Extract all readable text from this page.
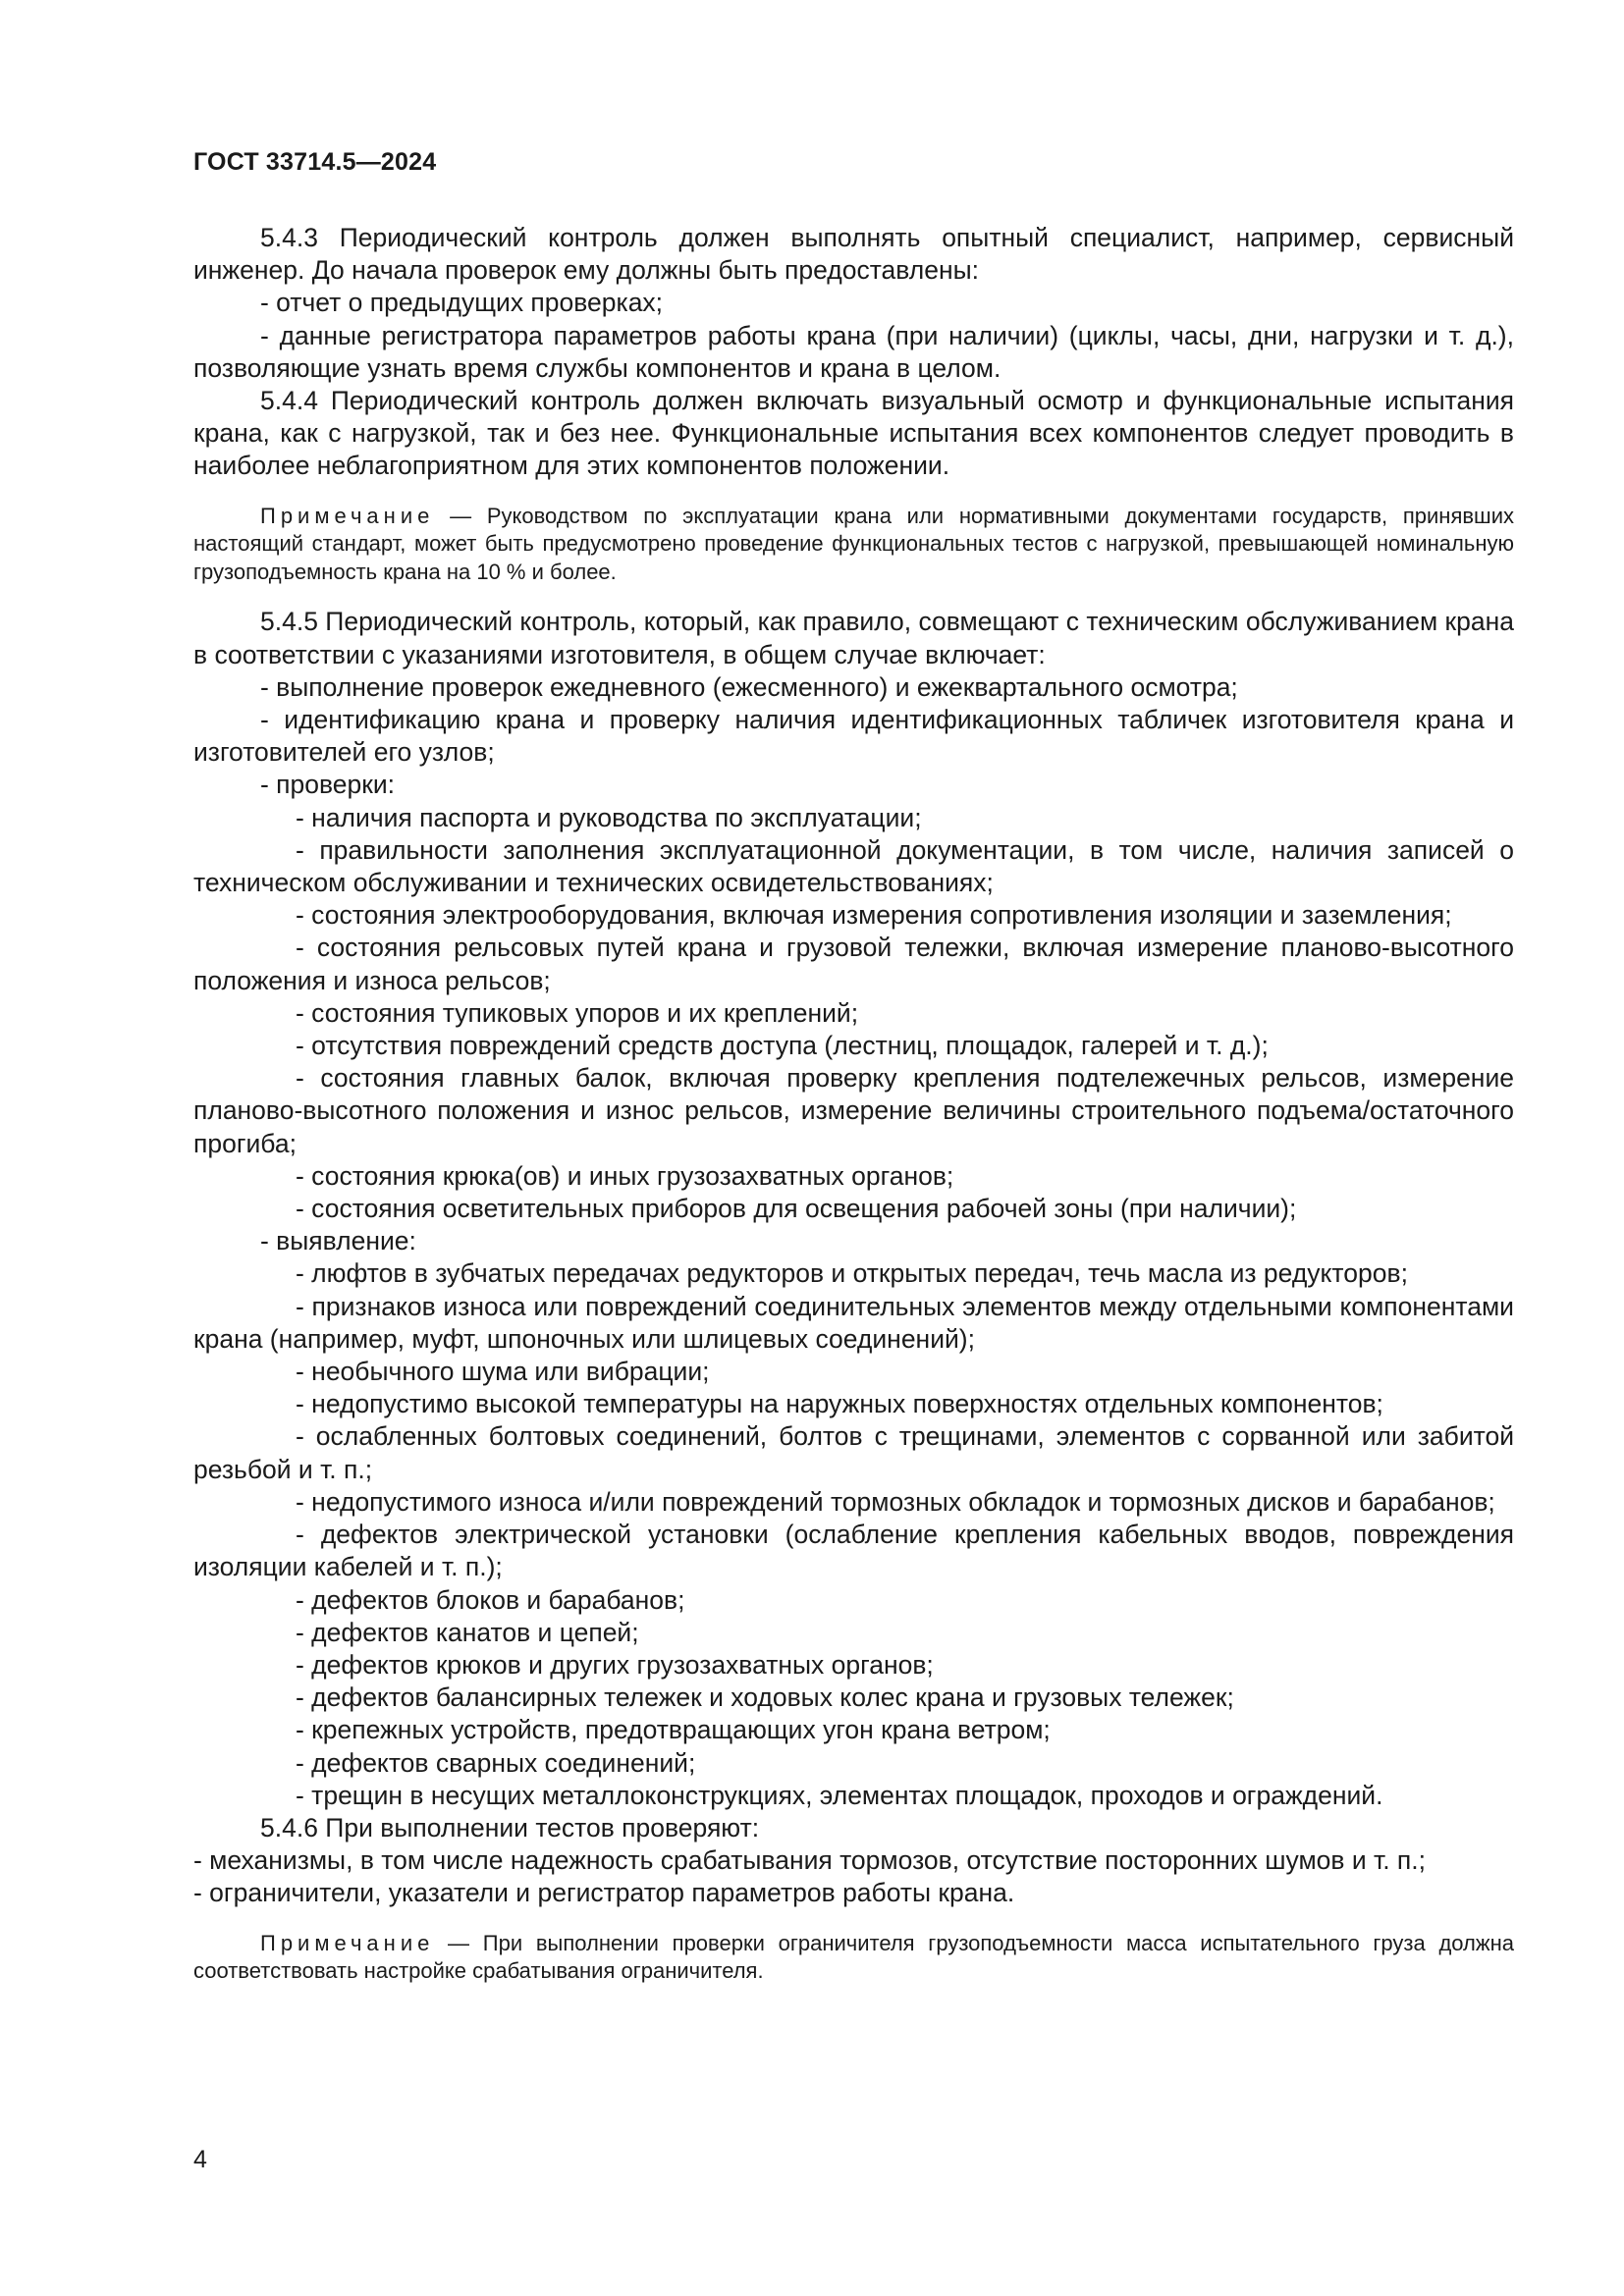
ГОСТ 33714.5—2024

5.4.3 Периодический контроль должен выполнять опытный специалист, например, сервисный инженер. До начала проверок ему должны быть предоставлены:

- отчет о предыдущих проверках;

- данные регистратора параметров работы крана (при наличии) (циклы, часы, дни, нагрузки и т. д.), позволяющие узнать время службы компонентов и крана в целом.

5.4.4 Периодический контроль должен включать визуальный осмотр и функциональные испытания крана, как с нагрузкой, так и без нее. Функциональные испытания всех компонентов следует проводить в наиболее неблагоприятном для этих компонентов положении.

Примечание — Руководством по эксплуатации крана или нормативными документами государств, принявших настоящий стандарт, может быть предусмотрено проведение функциональных тестов с нагрузкой, превышающей номинальную грузоподъемность крана на 10 % и более.

5.4.5 Периодический контроль, который, как правило, совмещают с техническим обслуживанием крана в соответствии с указаниями изготовителя, в общем случае включает:

- выполнение проверок ежедневного (ежесменного) и ежеквартального осмотра;

- идентификацию крана и проверку наличия идентификационных табличек изготовителя крана и изготовителей его узлов;

- проверки:

- наличия паспорта и руководства по эксплуатации;

- правильности заполнения эксплуатационной документации, в том числе, наличия записей о техническом обслуживании и технических освидетельствованиях;

- состояния электрооборудования, включая измерения сопротивления изоляции и заземления;

- состояния рельсовых путей крана и грузовой тележки, включая измерение планово-высотного положения и износа рельсов;

- состояния тупиковых упоров и их креплений;

- отсутствия повреждений средств доступа (лестниц, площадок, галерей и т. д.);

- состояния главных балок, включая проверку крепления подтележечных рельсов, измерение планово-высотного положения и износ рельсов, измерение величины строительного подъема/остаточного прогиба;

- состояния крюка(ов) и иных грузозахватных органов;

- состояния осветительных приборов для освещения рабочей зоны (при наличии);

- выявление:

- люфтов в зубчатых передачах редукторов и открытых передач, течь масла из редукторов;

- признаков износа или повреждений соединительных элементов между отдельными компонентами крана (например, муфт, шпоночных или шлицевых соединений);

- необычного шума или вибрации;

- недопустимо высокой температуры на наружных поверхностях отдельных компонентов;

- ослабленных болтовых соединений, болтов с трещинами, элементов с сорванной или забитой резьбой и т. п.;

- недопустимого износа и/или повреждений тормозных обкладок и тормозных дисков и барабанов;

- дефектов электрической установки (ослабление крепления кабельных вводов, повреждения изоляции кабелей и т. п.);

- дефектов блоков и барабанов;

- дефектов канатов и цепей;

- дефектов крюков и других грузозахватных органов;

- дефектов балансирных тележек и ходовых колес крана и грузовых тележек;

- крепежных устройств, предотвращающих угон крана ветром;

- дефектов сварных соединений;

- трещин в несущих металлоконструкциях, элементах площадок, проходов и ограждений.

5.4.6 При выполнении тестов проверяют:

- механизмы, в том числе надежность срабатывания тормозов, отсутствие посторонних шумов и т. п.;

- ограничители, указатели и регистратор параметров работы крана.

Примечание — При выполнении проверки ограничителя грузоподъемности масса испытательного груза должна соответствовать настройке срабатывания ограничителя.

4
